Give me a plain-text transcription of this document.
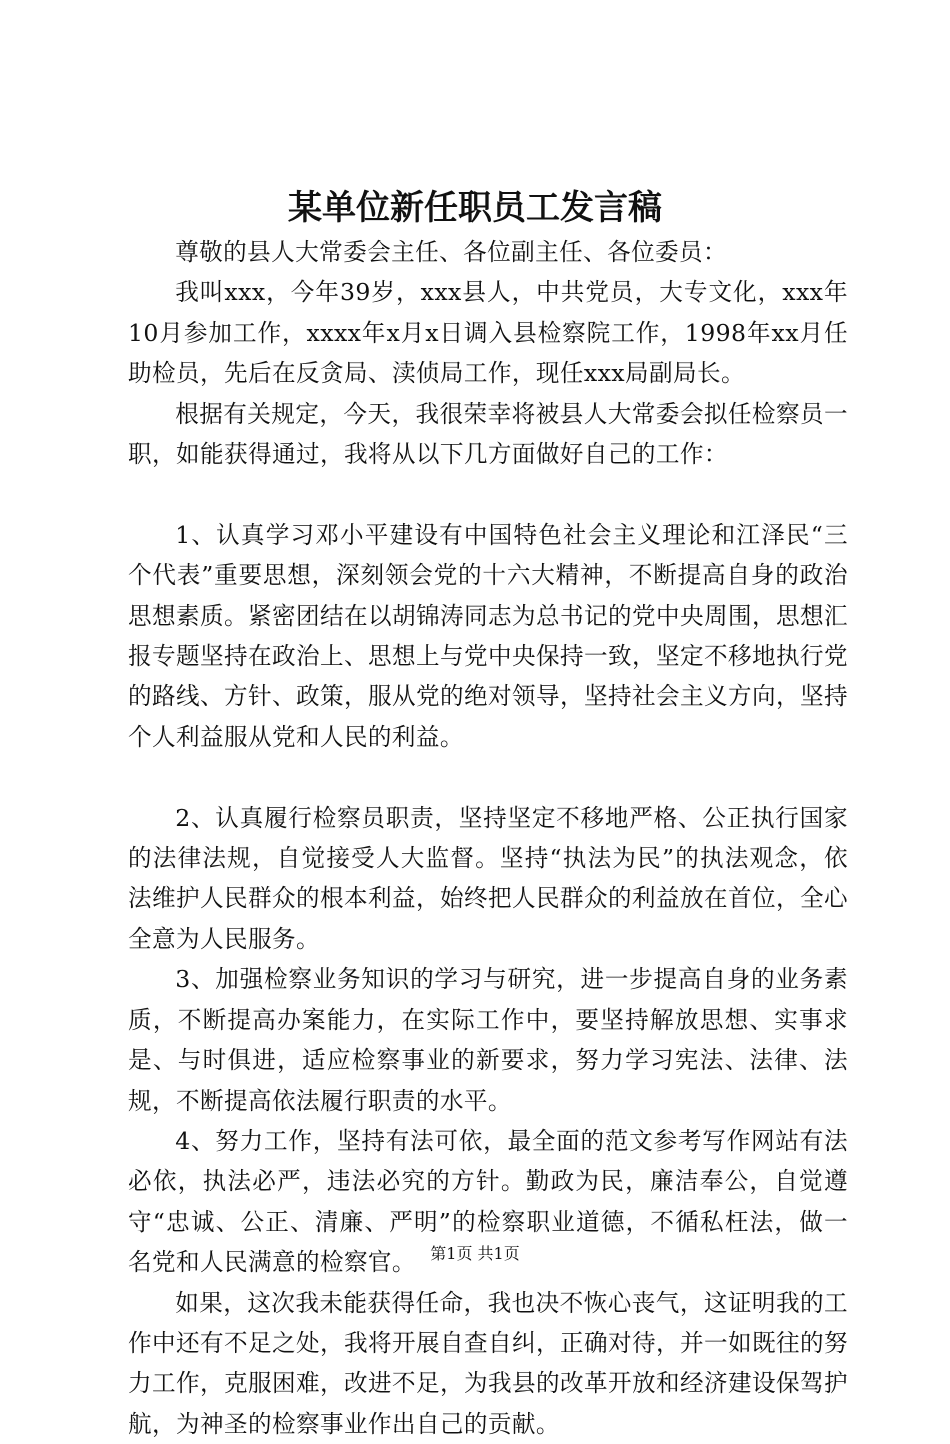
某单位新任职员工发言稿

尊敬的县人大常委会主任、各位副主任、各位委员：

我叫xxx，今年39岁，xxx县人，中共党员，大专文化，xxx年10月参加工作，xxxx年x月x日调入县检察院工作，1998年xx月任助检员，先后在反贪局、渎侦局工作，现任xxx局副局长。

根据有关规定，今天，我很荣幸将被县人大常委会拟任检察员一职，如能获得通过，我将从以下几方面做好自己的工作：

1、认真学习邓小平建设有中国特色社会主义理论和江泽民“三个代表”重要思想，深刻领会党的十六大精神，不断提高自身的政治思想素质。紧密团结在以胡锦涛同志为总书记的党中央周围，思想汇报专题坚持在政治上、思想上与党中央保持一致，坚定不移地执行党的路线、方针、政策，服从党的绝对领导，坚持社会主义方向，坚持个人利益服从党和人民的利益。

2、认真履行检察员职责，坚持坚定不移地严格、公正执行国家的法律法规，自觉接受人大监督。坚持“执法为民”的执法观念，依法维护人民群众的根本利益，始终把人民群众的利益放在首位，全心全意为人民服务。

3、加强检察业务知识的学习与研究，进一步提高自身的业务素质，不断提高办案能力，在实际工作中，要坚持解放思想、实事求是、与时俱进，适应检察事业的新要求，努力学习宪法、法律、法规，不断提高依法履行职责的水平。

4、努力工作，坚持有法可依，最全面的范文参考写作网站有法必依，执法必严，违法必究的方针。勤政为民，廉洁奉公，自觉遵守“忠诚、公正、清廉、严明”的检察职业道德，不循私枉法，做一名党和人民满意的检察官。

如果，这次我未能获得任命，我也决不恢心丧气，这证明我的工作中还有不足之处，我将开展自查自纠，正确对待，并一如既往的努力工作，克服困难，改进不足，为我县的改革开放和经济建设保驾护航，为神圣的检察事业作出自己的贡献。

第1页 共1页
